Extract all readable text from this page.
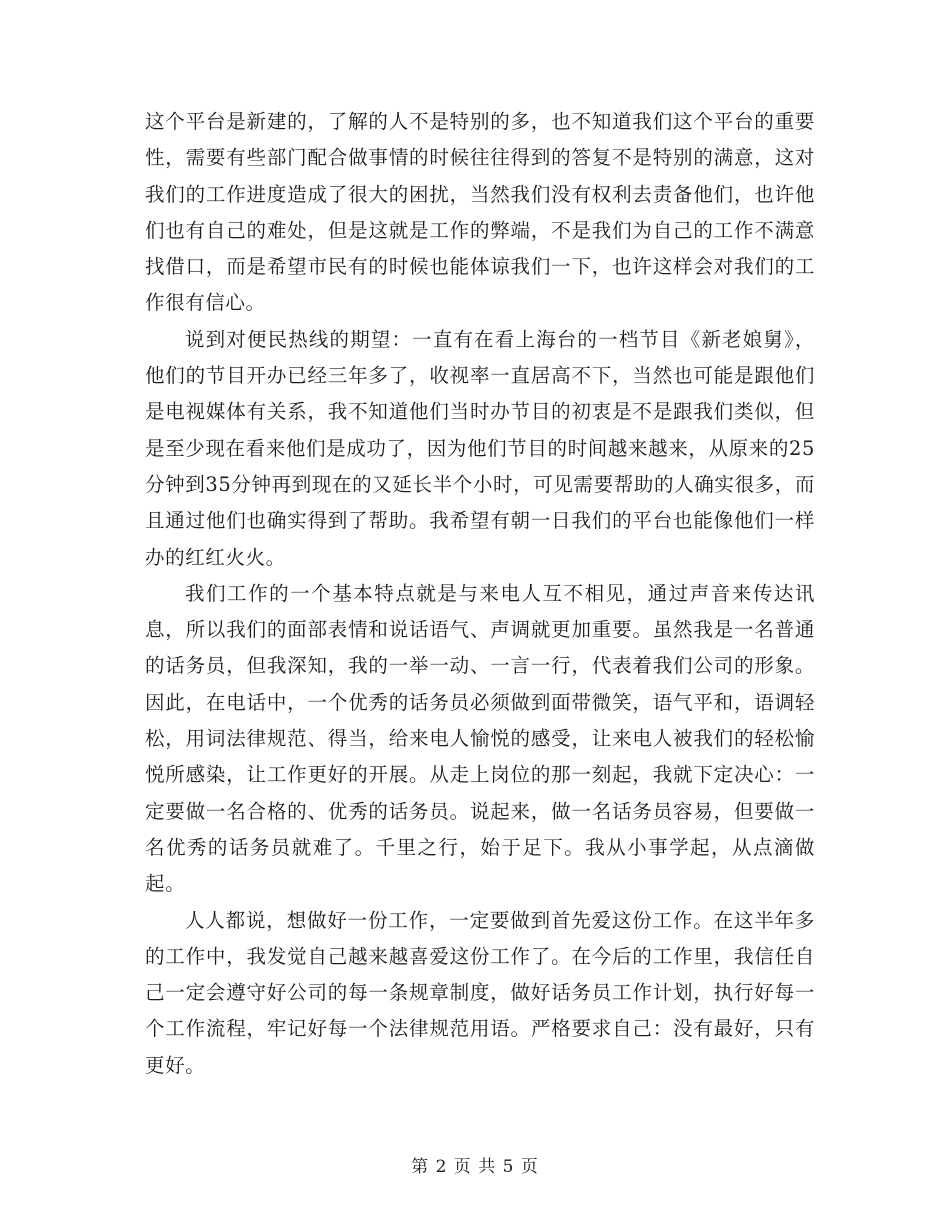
这个平台是新建的，了解的人不是特别的多，也不知道我们这个平台的重要性，需要有些部门配合做事情的时候往往得到的答复不是特别的满意，这对我们的工作进度造成了很大的困扰，当然我们没有权利去责备他们，也许他们也有自己的难处，但是这就是工作的弊端，不是我们为自己的工作不满意找借口，而是希望市民有的时候也能体谅我们一下，也许这样会对我们的工作很有信心。

说到对便民热线的期望：一直有在看上海台的一档节目《新老娘舅》，他们的节目开办已经三年多了，收视率一直居高不下，当然也可能是跟他们是电视媒体有关系，我不知道他们当时办节目的初衷是不是跟我们类似，但是至少现在看来他们是成功了，因为他们节目的时间越来越来，从原来的25分钟到35分钟再到现在的又延长半个小时，可见需要帮助的人确实很多，而且通过他们也确实得到了帮助。我希望有朝一日我们的平台也能像他们一样办的红红火火。

我们工作的一个基本特点就是与来电人互不相见，通过声音来传达讯息，所以我们的面部表情和说话语气、声调就更加重要。虽然我是一名普通的话务员，但我深知，我的一举一动、一言一行，代表着我们公司的形象。因此，在电话中，一个优秀的话务员必须做到面带微笑，语气平和，语调轻松，用词法律规范、得当，给来电人愉悦的感受，让来电人被我们的轻松愉悦所感染，让工作更好的开展。从走上岗位的那一刻起，我就下定决心：一定要做一名合格的、优秀的话务员。说起来，做一名话务员容易，但要做一名优秀的话务员就难了。千里之行，始于足下。我从小事学起，从点滴做起。

人人都说，想做好一份工作，一定要做到首先爱这份工作。在这半年多的工作中，我发觉自己越来越喜爱这份工作了。在今后的工作里，我信任自己一定会遵守好公司的每一条规章制度，做好话务员工作计划，执行好每一个工作流程，牢记好每一个法律规范用语。严格要求自己：没有最好，只有更好。

第 2 页 共 5 页
